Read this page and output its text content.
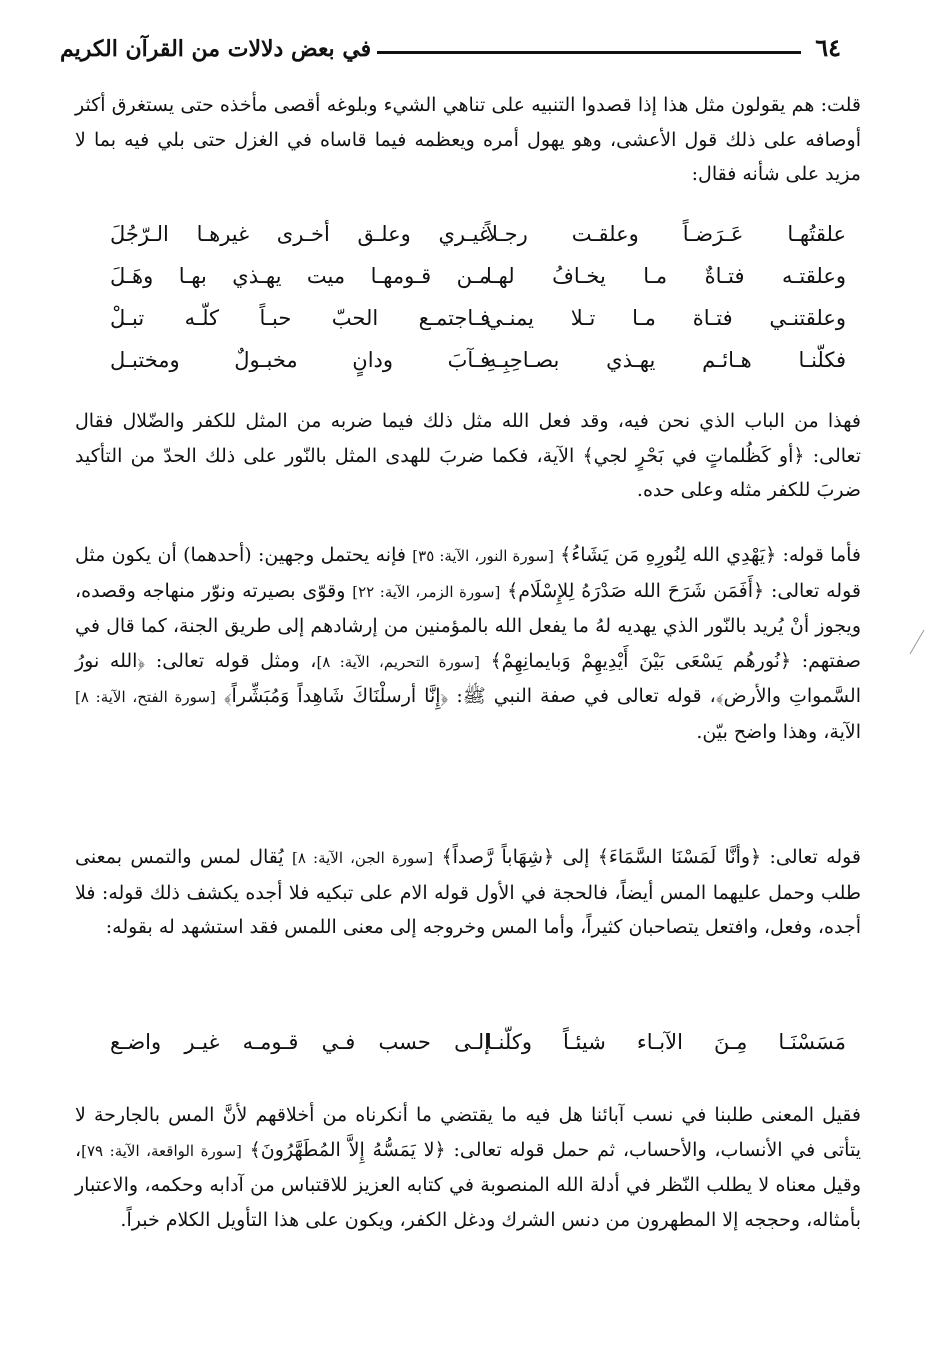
٦٤
في بعض دلالات من القرآن الكريم

قلت: هم يقولون مثل هذا إذا قصدوا التنبيه على تناهي الشيء وبلوغه أقصى مأخذه حتى يستغرق أكثر أوصافه على ذلك قول الأعشى، وهو يهول أمره ويعظمه فيما قاساه في الغزل حتى بلي فيه بما لا مزيد على شأنه فقال:

علقتُهـا عَـرَضـاً وعلقـت رجـلاً
غيـري وعلـق أخـرى غيرهـا الـرّجُلَ
وعلقتـه فتـاةٌ مـا يخـافُ لهـا
مـن قـومهـا ميت يهـذي بهـا وهَـلَ
وعلقتنـي فتـاة مـا تـلا يمنـي
فـاجتمـع الحبّ حبـاً كلّـه تبـلْ
فكلّنـا هـائـم يهـذي بصـاحِبِـهِ
فـآبَ ودانٍ مخبـولٌ ومختبـل

فهذا من الباب الذي نحن فيه، وقد فعل الله مثل ذلك فيما ضربه من المثل للكفر والضّلال فقال تعالى: ﴿أو كَظُلماتٍ في بَحْرٍ لجي﴾ الآية، فكما ضربَ للهدى المثل بالنّور على ذلك الحدّ من التأكيد ضربَ للكفر مثله وعلى حده.

فأما قوله: ﴿يَهْدِي الله لِنُورِهِ مَن يَشَاءُ﴾ [سورة النور، الآية: ٣٥] فإنه يحتمل وجهين: (أحدهما) أن يكون مثل قوله تعالى: ﴿أَفَمَن شَرَحَ الله صَدْرَهُ لِلإِسْلَام﴾ [سورة الزمر، الآية: ٢٢] وقوّى بصيرته ونوّر منهاجه وقصده، ويجوز أنْ يُريد بالنّور الذي يهديه لهُ ما يفعل الله بالمؤمنين من إرشادهم إلى طريق الجنة، كما قال في صفتهم: ﴿نُورهُم يَسْعَى بَيْنَ أَيْدِيهِمْ وَبايمانِهِمْ﴾ [سورة التحريم، الآية: ٨]، ومثل قوله تعالى: ﴿الله نورُ السَّمواتِ والأرض﴾، قوله تعالى في صفة النبي ﷺ: ﴿إِنَّا أرسلْنَاكَ شَاهِداً وَمُبَشِّراً﴾ [سورة الفتح، الآية: ٨] الآية، وهذا واضح بيّن.

قوله تعالى: ﴿وأنَّا لَمَسْنَا السَّمَاءَ﴾ إلى ﴿شِهَاباً رَّصداً﴾ [سورة الجن، الآية: ٨] يُقال لمس والتمس بمعنى طلب وحمل عليهما المس أيضاً، فالحجة في الأول قوله الام على تبكيه فلا أجده يكشف ذلك قوله: فلا أجده، وفعل، وافتعل يتصاحبان كثيراً، وأما المس وخروجه إلى معنى اللمس فقد استشهد له بقوله:

مَسَسْنَـا مِـنَ الآبـاء شيئـاً وكلّنـا
إلـى حسب فـي قـومـه غيـر واضـع

فقيل المعنى طلبنا في نسب آبائنا هل فيه ما يقتضي ما أنكرناه من أخلاقهم لأنَّ المس بالجارحة لا يتأتى في الأنساب، والأحساب، ثم حمل قوله تعالى: ﴿لا يَمَسُّهُ إِلاَّ المُطَهَّرُونَ﴾ [سورة الواقعة، الآية: ٧٩]، وقيل معناه لا يطلب النّظر في أدلة الله المنصوبة في كتابه العزيز للاقتباس من آدابه وحكمه، والاعتبار بأمثاله، وحججه إلا المطهرون من دنس الشرك ودغل الكفر، ويكون على هذا التأويل الكلام خبراً.
